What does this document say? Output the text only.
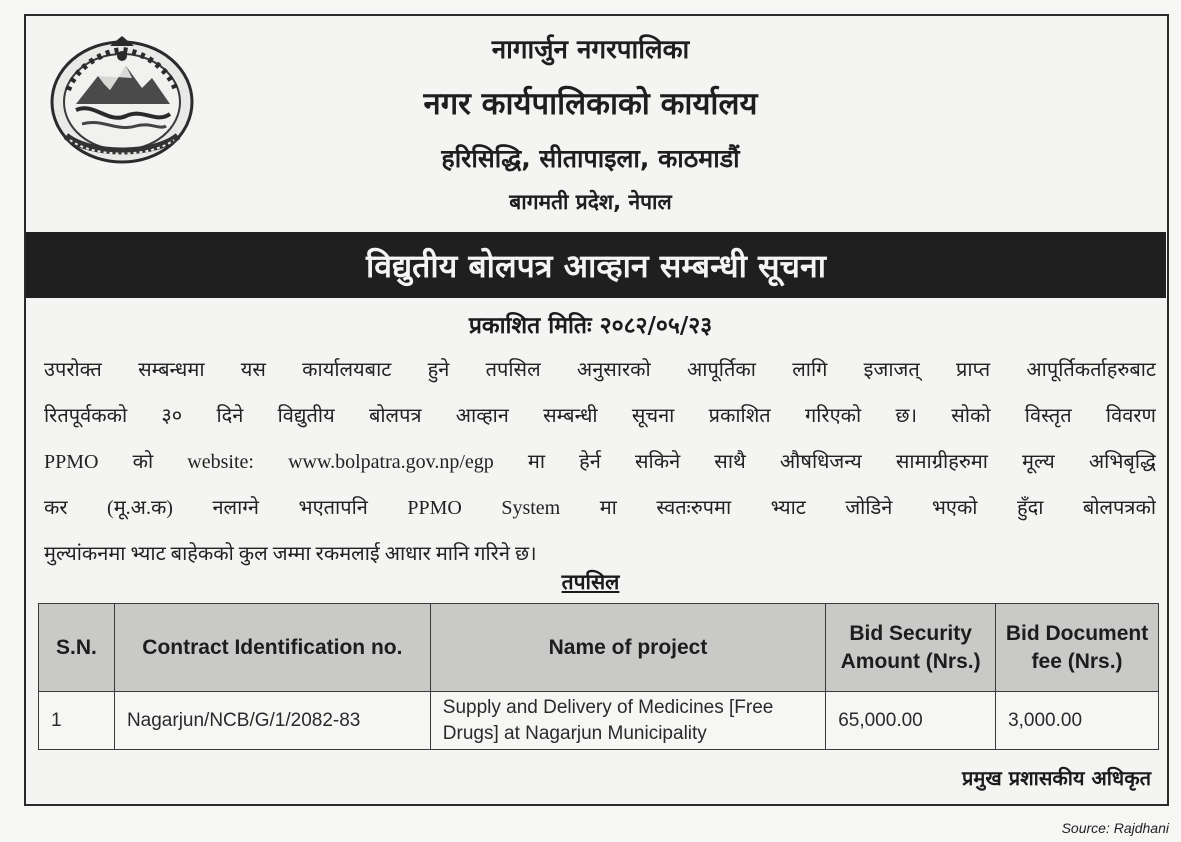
नागार्जुन नगरपालिका
नगर कार्यपालिकाको कार्यालय
हरिसिद्धि, सीतापाइला, काठमाडौं
बागमती प्रदेश, नेपाल
विद्युतीय बोलपत्र आव्हान सम्बन्धी सूचना
प्रकाशित मितिः २०८२/०५/२३
उपरोक्त सम्बन्धमा यस कार्यालयबाट हुने तपसिल अनुसारको आपूर्तिका लागि इजाजत् प्राप्त आपूर्तिकर्ताहरुबाट
रितपूर्वकको ३० दिने विद्युतीय बोलपत्र आव्हान सम्बन्धी सूचना प्रकाशित गरिएको छ। सोको विस्तृत विवरण
PPMO को website: www.bolpatra.gov.np/egp मा हेर्न सकिने साथै औषधिजन्य सामाग्रीहरुमा मूल्य अभिबृद्धि
कर (मू.अ.क) नलाग्ने भएतापनि PPMO System मा स्वतःरुपमा भ्याट जोडिने भएको हुँदा बोलपत्रको
मुल्यांकनमा भ्याट बाहेकको कुल जम्मा रकमलाई आधार मानि गरिने छ।
तपसिल
S.N.	Contract Identification no.	Name of project	Bid Security Amount (Nrs.)	Bid Document fee (Nrs.)
1	Nagarjun/NCB/G/1/2082-83	Supply and Delivery of Medicines [Free Drugs] at Nagarjun Municipality	65,000.00	3,000.00
प्रमुख प्रशासकीय अधिकृत
Source: Rajdhani
